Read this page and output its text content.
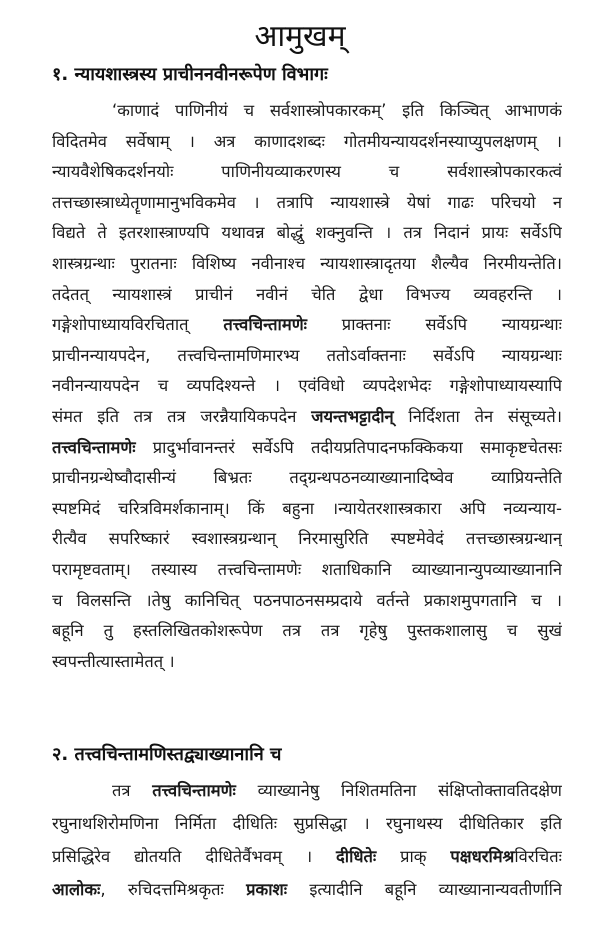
आमुखम्
१. न्यायशास्त्रस्य प्राचीननवीनरूपेण विभागः
‘काणादं पाणिनीयं च सर्वशास्त्रोपकारकम्’ इति किञ्चित् आभाणकं
विदितमेव सर्वेषाम् । अत्र काणादशब्दः गोतमीयन्यायदर्शनस्याप्युपलक्षणम् ।
न्यायवैशेषिकदर्शनयोः पाणिनीयव्याकरणस्य च सर्वशास्त्रोपकारकत्वं
तत्तच्छास्त्राध्येतॄणामानुभविकमेव । तत्रापि न्यायशास्त्रे येषां गाढः परिचयो न
विद्यते ते इतरशास्त्राण्यपि यथावन्न बोद्धुं शक्नुवन्ति । तत्र निदानं प्रायः सर्वेऽपि
शास्त्रग्रन्थाः पुरातनाः विशिष्य नवीनाश्च न्यायशास्त्रादृतया शैल्यैव निरमीयन्तेति।
तदेतत् न्यायशास्त्रं प्राचीनं नवीनं चेति द्वेधा विभज्य व्यवहरन्ति ।
गङ्गेशोपाध्यायविरचितात् तत्त्वचिन्तामणेः प्राक्तनाः सर्वेऽपि न्यायग्रन्थाः
प्राचीनन्यायपदेन, तत्त्वचिन्तामणिमारभ्य ततोऽर्वाक्तनाः सर्वेऽपि न्यायग्रन्थाः
नवीनन्यायपदेन च व्यपदिश्यन्ते । एवंविधो व्यपदेशभेदः गङ्गेशोपाध्यायस्यापि
संमत इति तत्र तत्र जरन्नैयायिकपदेन जयन्तभट्टादीन् निर्दिशता तेन संसूच्यते।
तत्त्वचिन्तामणेः प्रादुर्भावानन्तरं सर्वेऽपि तदीयप्रतिपादनफक्किकया समाकृष्टचेतसः
प्राचीनग्रन्थेष्वौदासीन्यं बिभ्रतः तद्ग्रन्थपठनव्याख्यानादिष्वेव व्याप्रियन्तेति
स्पष्टमिदं चरित्रविमर्शकानाम्। किं बहुना ।न्यायेतरशास्त्रकारा अपि नव्यन्याय-
रीत्यैव सपरिष्कारं स्वशास्त्रग्रन्थान् निरमासुरिति स्पष्टमेवेदं तत्तच्छास्त्रग्रन्थान्
परामृष्टवताम्। तस्यास्य तत्त्वचिन्तामणेः शताधिकानि व्याख्यानान्युपव्याख्यानानि
च विलसन्ति ।तेषु कानिचित् पठनपाठनसम्प्रदाये वर्तन्ते प्रकाशमुपगतानि च ।
बहूनि तु हस्तलिखितकोशरूपेण तत्र तत्र गृहेषु पुस्तकशालासु च सुखं
स्वपन्तीत्यास्तामेतत् ।
२. तत्त्वचिन्तामणिस्तद्व्याख्यानानि च
तत्र तत्त्वचिन्तामणेः व्याख्यानेषु निशितमतिना संक्षिप्तोक्तावतिदक्षेण
रघुनाथशिरोमणिना निर्मिता दीधितिः सुप्रसिद्धा । रघुनाथस्य दीधितिकार इति
प्रसिद्धिरेव द्योतयति दीधितेर्वैभवम् । दीधितेः प्राक् पक्षधरमिश्रविरचितः
आलोकः, रुचिदत्तमिश्रकृतः प्रकाशः इत्यादीनि बहूनि व्याख्यानान्यवतीर्णानि
